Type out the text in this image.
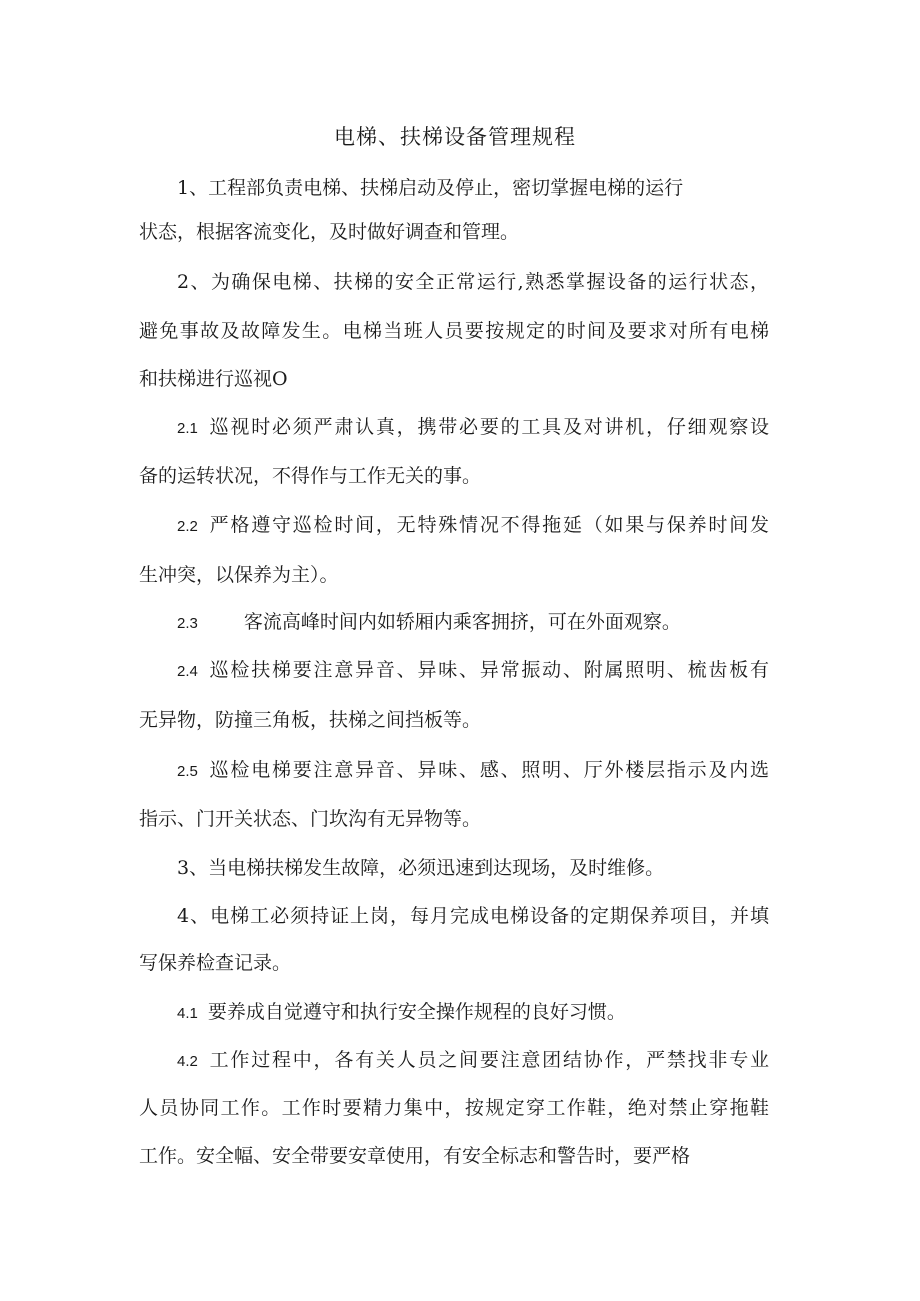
电梯、扶梯设备管理规程
1、工程部负责电梯、扶梯启动及停止，密切掌握电梯的运行
状态，根据客流变化，及时做好调查和管理。
2、为确保电梯、扶梯的安全正常运行,熟悉掌握设备的运行状态，
避免事故及故障发生。电梯当班人员要按规定的时间及要求对所有电梯
和扶梯进行巡视O
2.1 巡视时必须严肃认真，携带必要的工具及对讲机，仔细观察设
备的运转状况，不得作与工作无关的事。
2.2 严格遵守巡检时间，无特殊情况不得拖延（如果与保养时间发
生冲突，以保养为主）。
2.3 客流高峰时间内如轿厢内乘客拥挤，可在外面观察。
2.4 巡检扶梯要注意异音、异味、异常振动、附属照明、梳齿板有
无异物，防撞三角板，扶梯之间挡板等。
2.5 巡检电梯要注意异音、异味、感、照明、厅外楼层指示及内选
指示、门开关状态、门坎沟有无异物等。
3、当电梯扶梯发生故障，必须迅速到达现场，及时维修。
4、电梯工必须持证上岗，每月完成电梯设备的定期保养项目，并填
写保养检查记录。
4.1 要养成自觉遵守和执行安全操作规程的良好习惯。
4.2 工作过程中，各有关人员之间要注意团结协作，严禁找非专业
人员协同工作。工作时要精力集中，按规定穿工作鞋，绝对禁止穿拖鞋
工作。安全幅、安全带要安章使用，有安全标志和警告时，要严格
